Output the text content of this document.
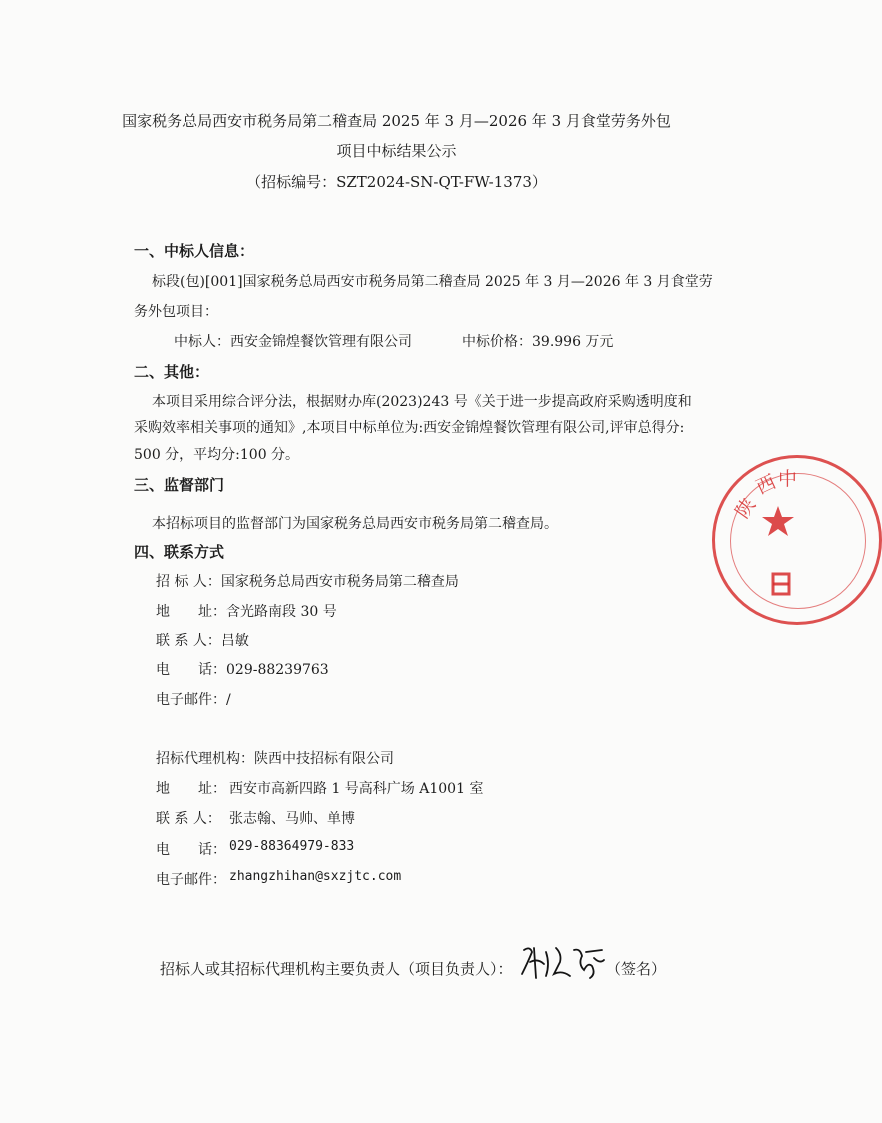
国家税务总局西安市税务局第二稽查局 2025 年 3 月—2026 年 3 月食堂劳务外包
项目中标结果公示
（招标编号：SZT2024-SN-QT-FW-1373）
一、中标人信息：
标段(包)[001]国家税务总局西安市税务局第二稽查局 2025 年 3 月—2026 年 3 月食堂劳
务外包项目：
中标人：西安金锦煌餐饮管理有限公司	中标价格：39.996 万元
二、其他：
本项目采用综合评分法，根据财办库(2023)243 号《关于进一步提高政府采购透明度和
采购效率相关事项的通知》,本项目中标单位为:西安金锦煌餐饮管理有限公司,评审总得分:
500 分，平均分:100 分。
三、监督部门
本招标项目的监督部门为国家税务总局西安市税务局第二稽查局。
四、联系方式
招 标 人：国家税务总局西安市税务局第二稽查局
地　　址：含光路南段 30 号
联 系 人：吕敏
电　　话：029-88239763
电子邮件：/
招标代理机构： 陕西中技招标有限公司
地　　址： 西安市高新四路 1 号高科广场 A1001 室
联 系 人： 张志翰、马帅、单博
电　　话： 029-88364979-833
电子邮件： zhangzhihan@sxzjtc.com
招标人或其招标代理机构主要负责人（项目负责人）：	（签名）
陕
西
中
